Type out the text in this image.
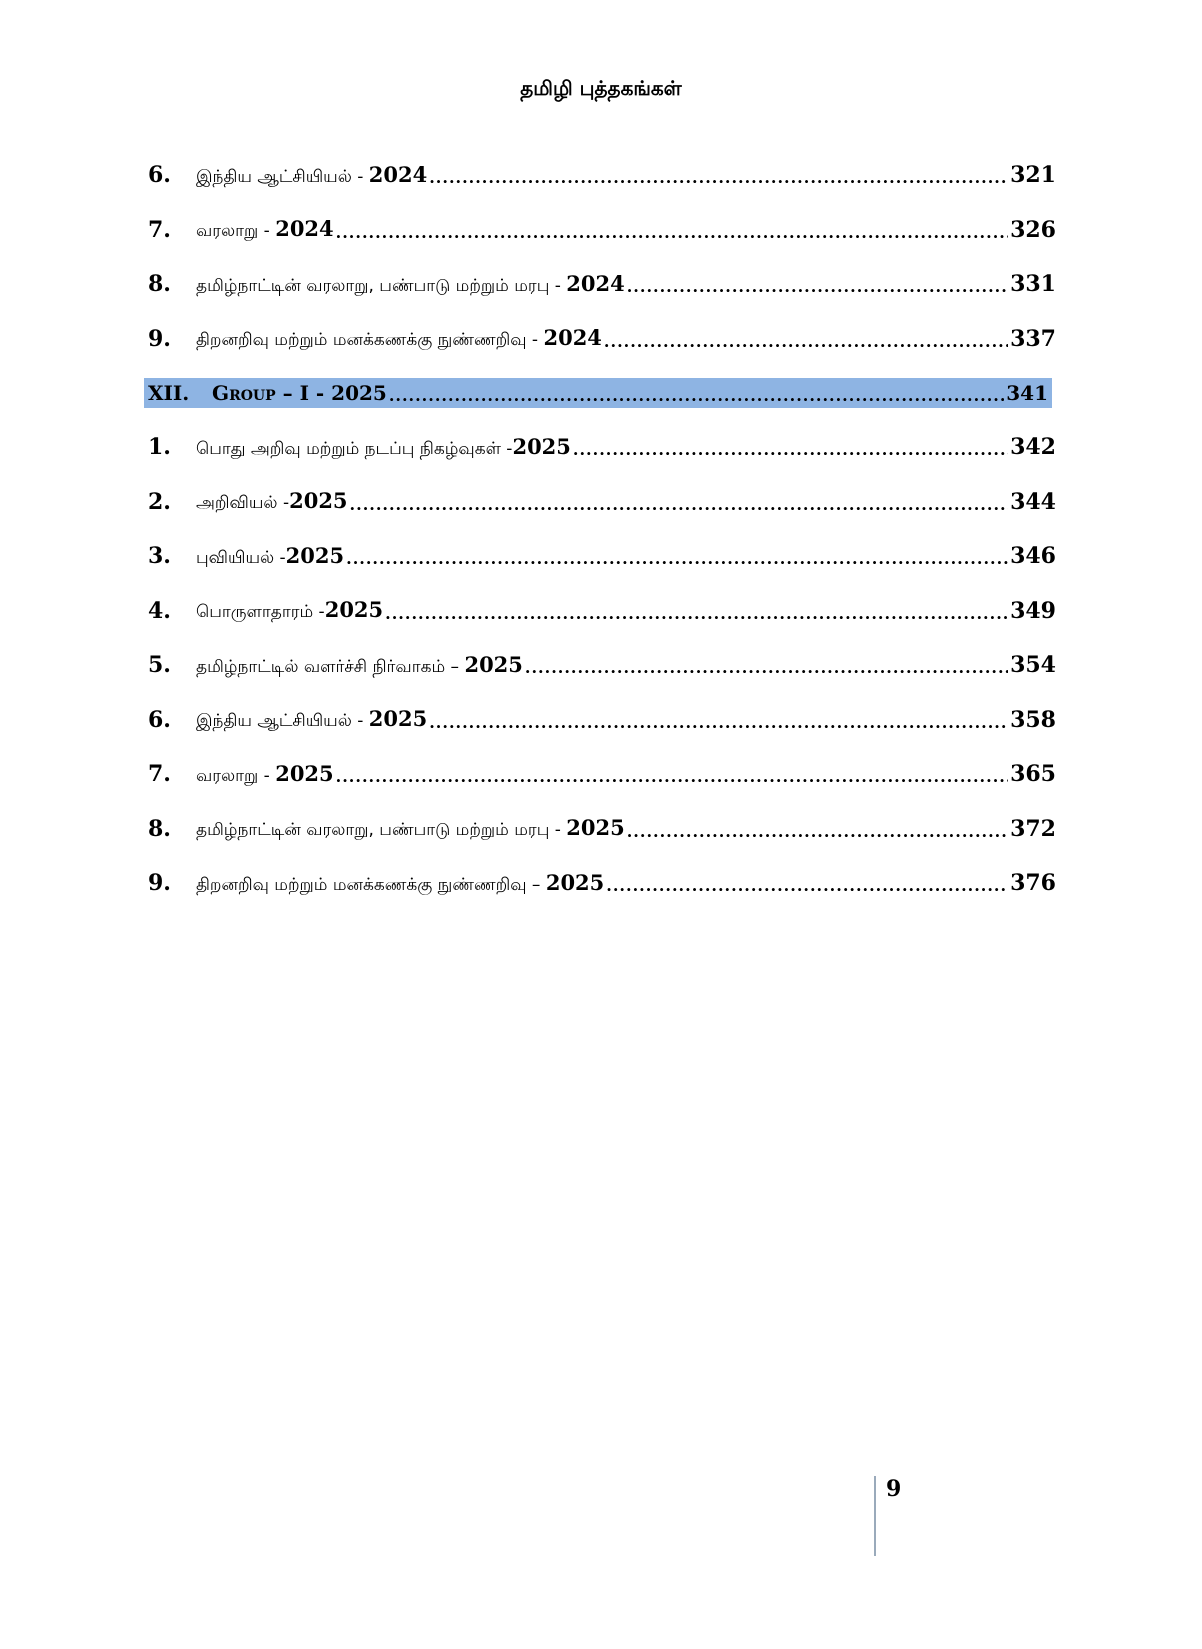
தமிழி புத்தகங்கள்
6.	இந்திய ஆட்சியியல் - 2024 .....	321
7.	வரலாறு - 2024 .....	326
8.	தமிழ்நாட்டின் வரலாறு, பண்பாடு மற்றும் மரபு - 2024 .....	331
9.	திறனறிவு மற்றும் மனக்கணக்கு நுண்ணறிவு - 2024 .....	337
XII.	Group – I - 2025 .....	341
1.	பொது அறிவு மற்றும் நடப்பு நிகழ்வுகள் -2025 .....	342
2.	அறிவியல் -2025 .....	344
3.	புவியியல் -2025 .....	346
4.	பொருளாதாரம் -2025 .....	349
5.	தமிழ்நாட்டில் வளர்ச்சி நிர்வாகம் – 2025 .....	354
6.	இந்திய ஆட்சியியல் - 2025 .....	358
7.	வரலாறு - 2025 .....	365
8.	தமிழ்நாட்டின் வரலாறு, பண்பாடு மற்றும் மரபு - 2025 .....	372
9.	திறனறிவு மற்றும் மனக்கணக்கு நுண்ணறிவு – 2025 .....	376
9
